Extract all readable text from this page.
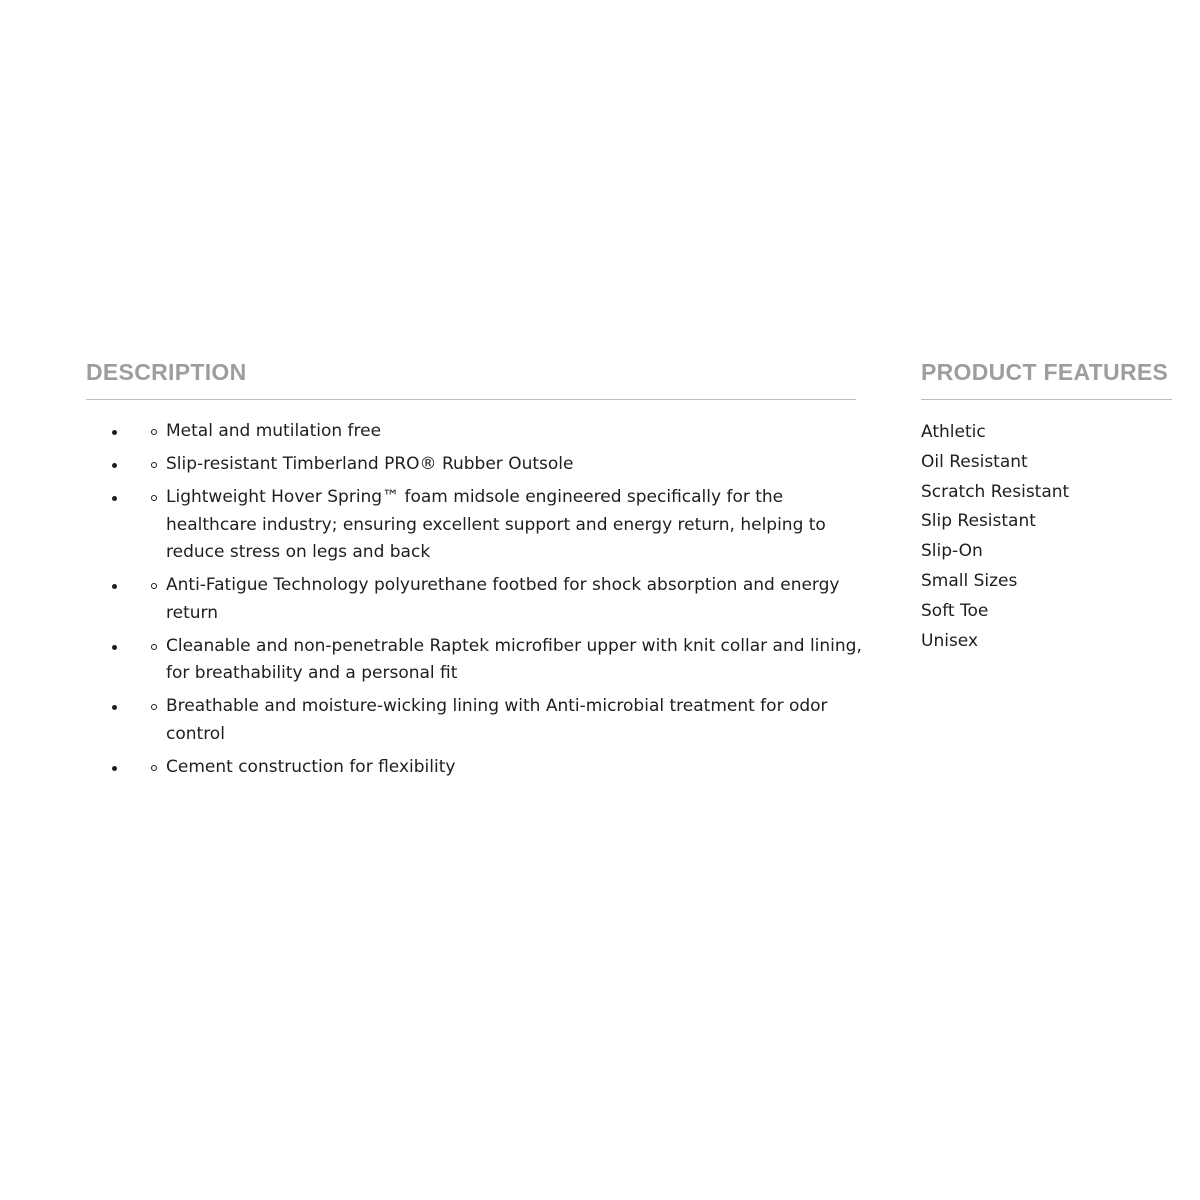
DESCRIPTION
Metal and mutilation free
Slip-resistant Timberland PRO® Rubber Outsole
Lightweight Hover Spring™ foam midsole engineered specifically for the healthcare industry; ensuring excellent support and energy return, helping to reduce stress on legs and back
Anti-Fatigue Technology polyurethane footbed for shock absorption and energy return
Cleanable and non-penetrable Raptek microfiber upper with knit collar and lining, for breathability and a personal fit
Breathable and moisture-wicking lining with Anti-microbial treatment for odor control
Cement construction for flexibility
PRODUCT FEATURES
Athletic
Oil Resistant
Scratch Resistant
Slip Resistant
Slip-On
Small Sizes
Soft Toe
Unisex
